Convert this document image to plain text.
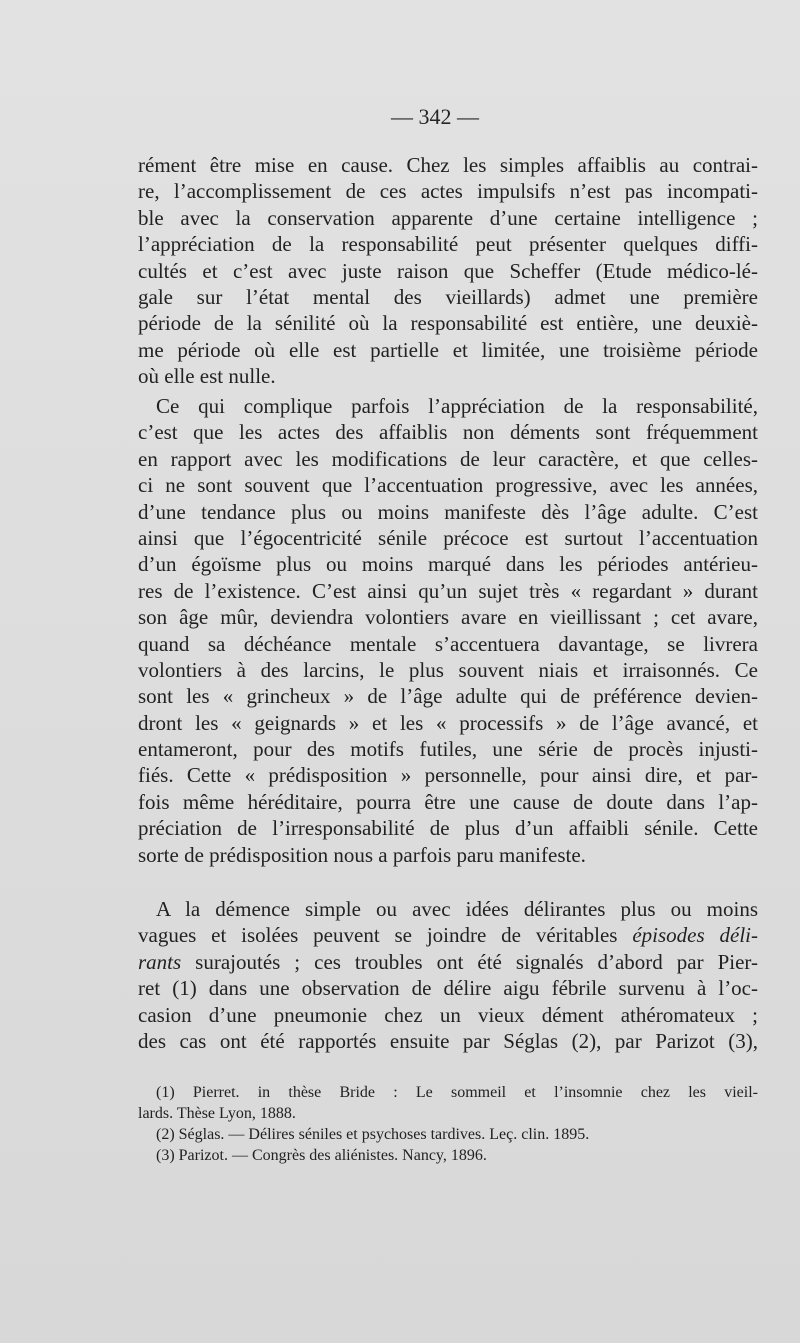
— 342 —
rément être mise en cause. Chez les simples affaiblis au contrai-
re, l’accomplissement de ces actes impulsifs n’est pas incompati-
ble avec la conservation apparente d’une certaine intelligence ;
l’appréciation de la responsabilité peut présenter quelques diffi-
cultés et c’est avec juste raison que Scheffer (Etude médico-lé-
gale sur l’état mental des vieillards) admet une première
période de la sénilité où la responsabilité est entière, une deuxiè-
me période où elle est partielle et limitée, une troisième période
où elle est nulle.
Ce qui complique parfois l’appréciation de la responsabilité,
c’est que les actes des affaiblis non déments sont fréquemment
en rapport avec les modifications de leur caractère, et que celles-
ci ne sont souvent que l’accentuation progressive, avec les années,
d’une tendance plus ou moins manifeste dès l’âge adulte. C’est
ainsi que l’égocentricité sénile précoce est surtout l’accentuation
d’un égoïsme plus ou moins marqué dans les périodes antérieu-
res de l’existence. C’est ainsi qu’un sujet très « regardant » durant
son âge mûr, deviendra volontiers avare en vieillissant ; cet avare,
quand sa déchéance mentale s’accentuera davantage, se livrera
volontiers à des larcins, le plus souvent niais et irraisonnés. Ce
sont les « grincheux » de l’âge adulte qui de préférence devien-
dront les « geignards » et les « processifs » de l’âge avancé, et
entameront, pour des motifs futiles, une série de procès injusti-
fiés. Cette « prédisposition » personnelle, pour ainsi dire, et par-
fois même héréditaire, pourra être une cause de doute dans l’ap-
préciation de l’irresponsabilité de plus d’un affaibli sénile. Cette
sorte de prédisposition nous a parfois paru manifeste.
A la démence simple ou avec idées délirantes plus ou moins
vagues et isolées peuvent se joindre de véritables épisodes déli-
rants surajoutés ; ces troubles ont été signalés d’abord par Pier-
ret (1) dans une observation de délire aigu fébrile survenu à l’oc-
casion d’une pneumonie chez un vieux dément athéromateux ;
des cas ont été rapportés ensuite par Séglas (2), par Parizot (3),
(1) Pierret. in thèse Bride : Le sommeil et l’insomnie chez les vieil-
lards. Thèse Lyon, 1888.
(2) Séglas. — Délires séniles et psychoses tardives. Leç. clin. 1895.
(3) Parizot. — Congrès des aliénistes. Nancy, 1896.
